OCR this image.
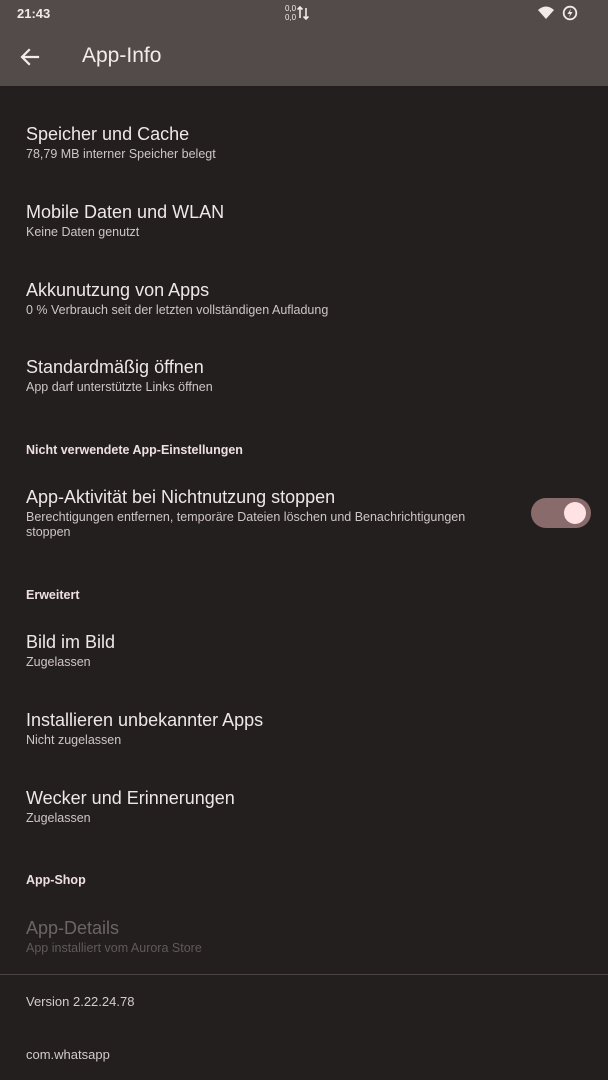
21:43	0,0
0,0
App-Info
Speicher und Cache
78,79 MB interner Speicher belegt
Mobile Daten und WLAN
Keine Daten genutzt
Akkunutzung von Apps
0 % Verbrauch seit der letzten vollständigen Aufladung
Standardmäßig öffnen
App darf unterstützte Links öffnen
Nicht verwendete App-Einstellungen
App-Aktivität bei Nichtnutzung stoppen
Berechtigungen entfernen, temporäre Dateien löschen und Benachrichtigungen stoppen
Erweitert
Bild im Bild
Zugelassen
Installieren unbekannter Apps
Nicht zugelassen
Wecker und Erinnerungen
Zugelassen
App-Shop
App-Details
App installiert vom Aurora Store
Version 2.22.24.78
com.whatsapp
